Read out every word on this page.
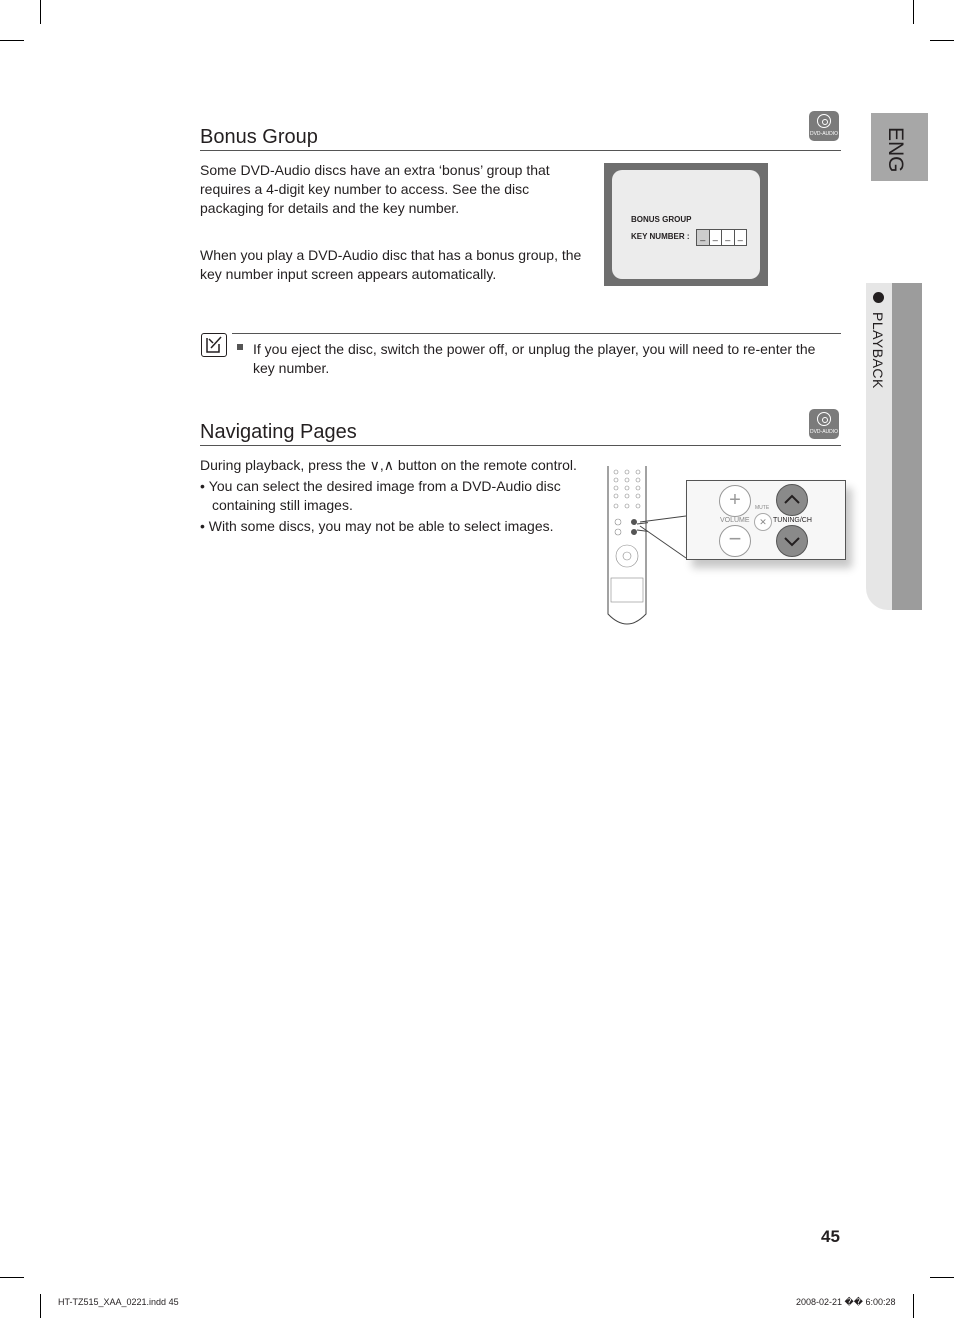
ENG
PLAYBACK
Bonus Group	DVD-AUDIO

Some DVD-Audio discs have an extra ‘bonus’ group that requires a 4-digit key number to access. See the disc packaging for details and the key number.

When you play a DVD-Audio disc that has a bonus group, the key number input screen appears automatically.

BONUS GROUP
KEY NUMBER :	_ _ _ _
If you eject the disc, switch the power off, or unplug the player, you will need to re-enter the key number.
Navigating Pages	DVD-AUDIO

During playback, press the ∨,∧ button on the remote control.

• You can select the desired image from a DVD-Audio disc containing still images.

• With some discs, you may not be able to select images.

+
−
VOLUME
MUTE
✕ TUNING/CH
45
HT-TZ515_XAA_0221.indd 45	2008-02-21 �� 6:00:28
